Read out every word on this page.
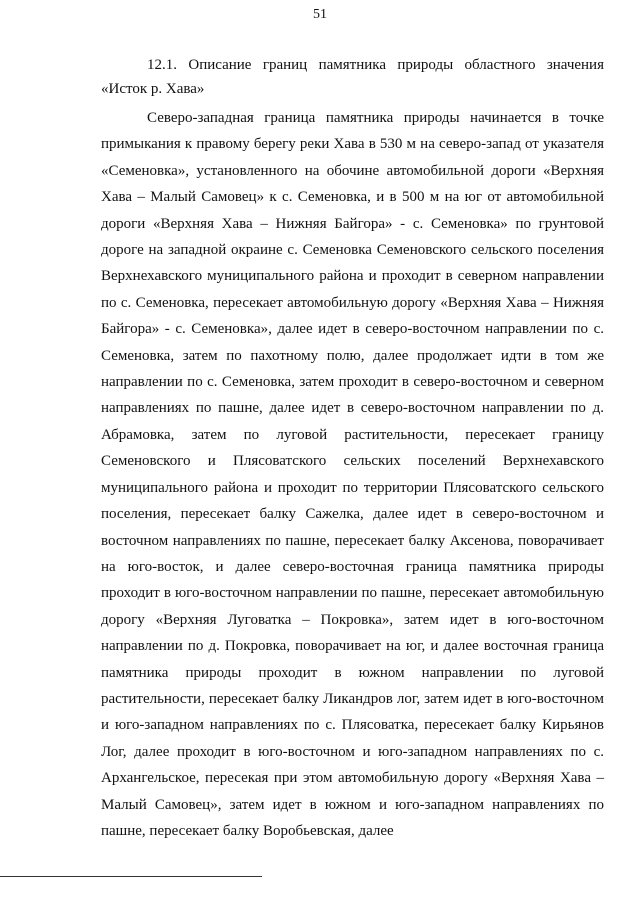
51
12.1. Описание границ памятника природы областного значения «Исток р. Хава»

Северо-западная граница памятника природы начинается в точке примыкания к правому берегу реки Хава в 530 м на северо-запад от указателя «Семеновка», установленного на обочине автомобильной дороги «Верхняя Хава – Малый Самовец» к с. Семеновка, и в 500 м на юг от автомобильной дороги «Верхняя Хава – Нижняя Байгора» - с. Семеновка» по грунтовой дороге на западной окраине с. Семеновка Семеновского сельского поселения Верхнехавского муниципального района и проходит в северном направлении по с. Семеновка, пересекает автомобильную дорогу «Верхняя Хава – Нижняя Байгора» - с. Семеновка», далее идет в северо-восточном направлении по с. Семеновка, затем по пахотному полю, далее продолжает идти в том же направлении по с. Семеновка, затем проходит в северо-восточном и северном направлениях по пашне, далее идет в северо-восточном направлении по д. Абрамовка, затем по луговой растительности, пересекает границу Семеновского и Плясоватского сельских поселений Верхнехавского муниципального района и проходит по территории Плясоватского сельского поселения, пересекает балку Сажелка, далее идет в северо-восточном и восточном направлениях по пашне, пересекает балку Аксенова, поворачивает на юго-восток, и далее северо-восточная граница памятника природы проходит в юго-восточном направлении по пашне, пересекает автомобильную дорогу «Верхняя Луговатка – Покровка», затем идет в юго-восточном направлении по д. Покровка, поворачивает на юг, и далее восточная граница памятника природы проходит в южном направлении по луговой растительности, пересекает балку Ликандров лог, затем идет в юго-восточном и юго-западном направлениях по с. Плясоватка, пересекает балку Кирьянов Лог, далее проходит в юго-восточном и юго-западном направлениях по с. Архангельское, пересекая при этом автомобильную дорогу «Верхняя Хава – Малый Самовец», затем идет в южном и юго-западном направлениях по пашне, пересекает балку Воробьевская, далее
